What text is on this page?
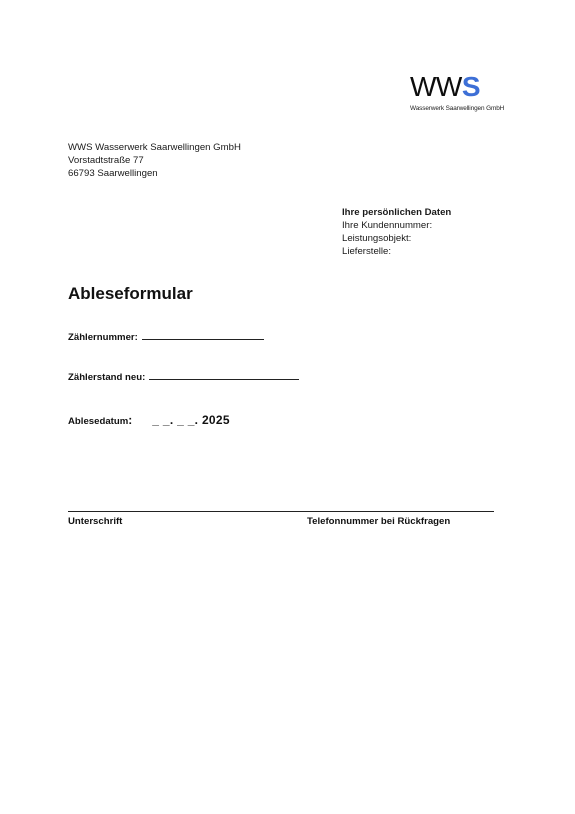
WWS
Wasserwerk Saarwellingen GmbH
WWS Wasserwerk Saarwellingen GmbH
Vorstadtstraße 77
66793 Saarwellingen
Ihre persönlichen Daten
Ihre Kundennummer:
Leistungsobjekt:
Lieferstelle:
Ableseformular
Zählernummer:
Zählerstand neu:
Ablesedatum: _ _. _ _. 2025
Unterschrift	Telefonnummer bei Rückfragen
